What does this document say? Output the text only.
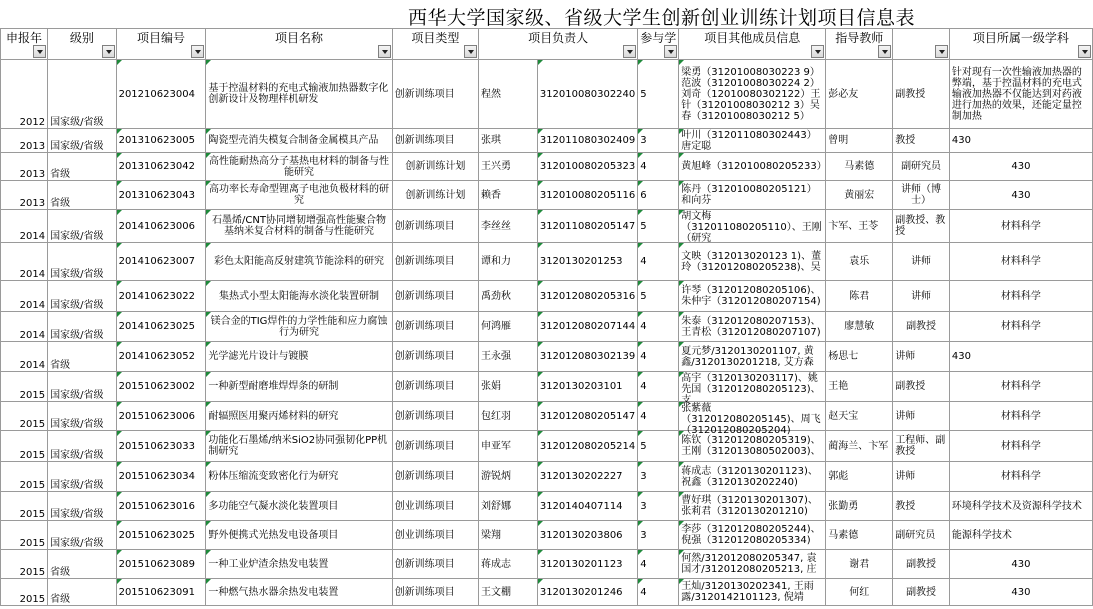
西华大学国家级、省级大学生创新创业训练计划项目信息表
申报年	级别	项目编号	项目名称	项目类型	项目负责人		参与学	项目其他成员信息	指导教师		项目所属一级学科

2012	国家级/省级	201210623004	基于控温材料的充电式输液加热器数字化创新设计及物理样机研发	创新训练项目	程然	312010080302240	5	梁勇（31201008030223 9）范波（31201008030224 2）刘奇（12010080302122）王针（31201008030212 3）吴春（31201008030212 5）	彭必友	副教授	针对现有一次性输液加热器的弊端，基于控温材料的充电式输液加热器不仅能达到对药液进行加热的效果，还能定量控制加热

2013	国家级/省级	201310623005	陶瓷型壳消失模复合制备金属模具产品	创新训练项目	张琪	312011080302409	3	叶川（312011080302443）唐定聪	曾明	教授	430

2013	省级	201310623042	高性能耐热高分子基热电材料的制备与性能研究	创新训练计划	王兴勇	312010080205323	4	黄旭峰（312010080205233）	马素德	副研究员	430

2013	省级	201310623043	高功率长寿命型锂离子电池负极材料的研究	创新训练计划	赖香	312010080205116	6	陈丹（312010080205121）和向芬	黄丽宏	讲师（博士）	430

2014	国家级/省级	201410623006	石墨烯/CNT协同增韧增强高性能聚合物基纳米复合材料的制备与性能研究	创新训练项目	李丝丝	312011080205147	5	胡文梅（312011080205110）、王刚（研究	卞军、王苓	副教授、教授	材料科学

2014	国家级/省级	201410623007	彩色太阳能高反射建筑节能涂料的研究	创新训练项目	谭和力	3120130201253	4	文映（312013020123 1)、董玲（312012080205238)、吴	袁乐	讲师	材料科学

2014	国家级/省级	201410623022	集热式小型太阳能海水淡化装置研制	创新训练项目	禹劲秋	312012080205316	5	许琴（312012080205106)、朱仲宇（312012080207154)	陈君	讲师	材料科学

2014	国家级/省级	201410623025	镁合金的TIG焊件的力学性能和应力腐蚀行为研究	创新训练项目	何鸿雁	312012080207144	4	朱泰（312012080207153)、王青松（312012080207107)	廖慧敏	副教授	材料科学

2014	省级	201410623052	光学滤光片设计与镀膜	创新训练项目	王永强	312012080302139	4	夏元梦/3120130201107, 黄鑫/3120130201218, 艾方森	杨思七	讲师	430

2015	国家级/省级	201510623002	一种新型耐磨堆焊焊条的研制	创新训练项目	张娟	3120130203101	4	高宇（3120130203117)、姚先国（312012080205123)、支	王艳	副教授	材料科学

2015	国家级/省级	201510623006	耐辐照医用聚丙烯材料的研究	创新训练项目	包红羽	312012080205147	4	张紫薇（312012080205145)、周飞（312012080205204)	赵天宝	讲师	材料科学

2015	国家级/省级	201510623033	功能化石墨烯/纳米SiO2协同强韧化PP机制研究	创新训练项目	申亚军	312012080205214	5	陈钦（312012080205319)、王刚（312013080502003)、	蔺海兰、卞军	工程师、副教授	材料科学

2015	国家级/省级	201510623034	粉体压缩流变致密化行为研究	创新训练项目	游锐炳	3120130202227	3	蒋成志（3120130201123)、祝鑫（3120130202240)	郭彪	讲师	材料科学

2015	国家级/省级	201510623016	多功能空气凝水淡化装置项目	创业训练项目	刘舒娜	3120140407114	3	曹好琪（3120130201307)、张莉君（3120130201210)	张勤勇	教授	环境科学技术及资源科学技术

2015	国家级/省级	201510623025	野外便携式光热发电设备项目	创业训练项目	梁翔	3120130203806	3	李莎（312012080205244)、倪强（312012080205334)	马素德	副研究员	能源科学技术

2015	省级	201510623089	一种工业炉渣余热发电装置	创新训练项目	蒋成志	3120130201123	4	何然/312012080205347, 袁国才/312012080205213, 庄	谢君	副教授	430

2015	省级	201510623091	一种燃气热水器余热发电装置	创新训练项目	王文棚	3120130201246	4	王灿/3120130202341, 王雨露/3120142101123, 倪靖	何红	副教授	430
